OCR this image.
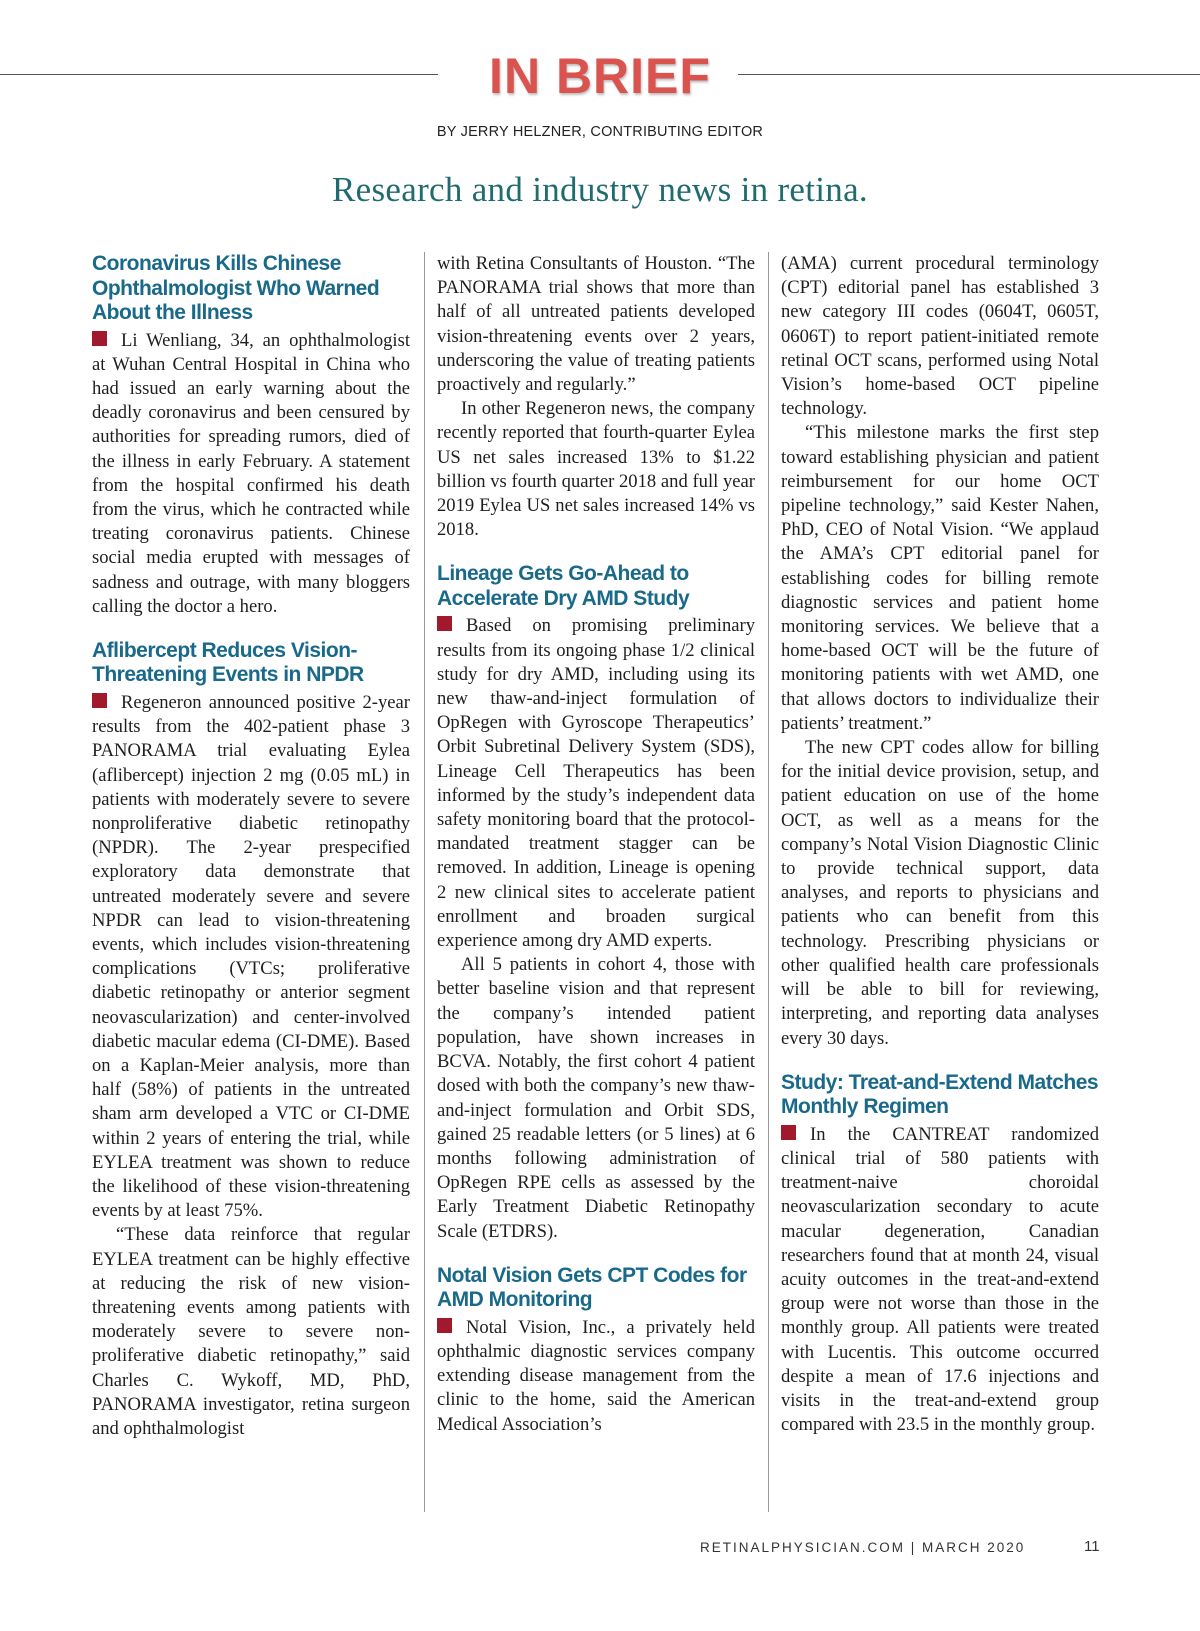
IN BRIEF
BY JERRY HELZNER, CONTRIBUTING EDITOR
Research and industry news in retina.
Coronavirus Kills Chinese Ophthalmologist Who Warned About the Illness

Li Wenliang, 34, an ophthalmologist at Wuhan Central Hospital in China who had issued an early warning about the deadly coronavirus and been censured by authorities for spreading rumors, died of the illness in early February. A statement from the hospital confirmed his death from the virus, which he contracted while treating coronavirus patients. Chinese social media erupted with messages of sadness and outrage, with many bloggers calling the doctor a hero.

Aflibercept Reduces Vision-Threatening Events in NPDR

Regeneron announced positive 2-year results from the 402-patient phase 3 PANORAMA trial evaluating Eylea (aflibercept) injection 2 mg (0.05 mL) in patients with moderately severe to severe nonproliferative diabetic retinopathy (NPDR). The 2-year prespecified exploratory data demonstrate that untreated moderately severe and severe NPDR can lead to vision-threatening events, which includes vision-threatening complications (VTCs; proliferative diabetic retinopathy or anterior segment neovascularization) and center-involved diabetic macular edema (CI-DME). Based on a Kaplan-Meier analysis, more than half (58%) of patients in the untreated sham arm developed a VTC or CI-DME within 2 years of entering the trial, while EYLEA treatment was shown to reduce the likelihood of these vision-threatening events by at least 75%.

“These data reinforce that regular EYLEA treatment can be highly effective at reducing the risk of new vision-threatening events among patients with moderately severe to severe non-proliferative diabetic retinopathy,” said Charles C. Wykoff, MD, PhD, PANORAMA investigator, retina surgeon and ophthalmologist

with Retina Consultants of Houston. “The PANORAMA trial shows that more than half of all untreated patients developed vision-threatening events over 2 years, underscoring the value of treating patients proactively and regularly.”

In other Regeneron news, the company recently reported that fourth-quarter Eylea US net sales increased 13% to $1.22 billion vs fourth quarter 2018 and full year 2019 Eylea US net sales increased 14% vs 2018.

Lineage Gets Go-Ahead to Accelerate Dry AMD Study

Based on promising preliminary results from its ongoing phase 1/2 clinical study for dry AMD, including using its new thaw-and-inject formulation of OpRegen with Gyroscope Therapeutics’ Orbit Subretinal Delivery System (SDS), Lineage Cell Therapeutics has been informed by the study’s independent data safety monitoring board that the protocol-mandated treatment stagger can be removed. In addition, Lineage is opening 2 new clinical sites to accelerate patient enrollment and broaden surgical experience among dry AMD experts.

All 5 patients in cohort 4, those with better baseline vision and that represent the company’s intended patient population, have shown increases in BCVA. Notably, the first cohort 4 patient dosed with both the company’s new thaw-and-inject formulation and Orbit SDS, gained 25 readable letters (or 5 lines) at 6 months following administration of OpRegen RPE cells as assessed by the Early Treatment Diabetic Retinopathy Scale (ETDRS).

Notal Vision Gets CPT Codes for AMD Monitoring

Notal Vision, Inc., a privately held ophthalmic diagnostic services company extending disease management from the clinic to the home, said the American Medical Association’s

(AMA) current procedural terminology (CPT) editorial panel has established 3 new category III codes (0604T, 0605T, 0606T) to report patient-initiated remote retinal OCT scans, performed using Notal Vision’s home-based OCT pipeline technology.

“This milestone marks the first step toward establishing physician and patient reimbursement for our home OCT pipeline technology,” said Kester Nahen, PhD, CEO of Notal Vision. “We applaud the AMA’s CPT editorial panel for establishing codes for billing remote diagnostic services and patient home monitoring services. We believe that a home-based OCT will be the future of monitoring patients with wet AMD, one that allows doctors to individualize their patients’ treatment.”

The new CPT codes allow for billing for the initial device provision, setup, and patient education on use of the home OCT, as well as a means for the company’s Notal Vision Diagnostic Clinic to provide technical support, data analyses, and reports to physicians and patients who can benefit from this technology. Prescribing physicians or other qualified health care professionals will be able to bill for reviewing, interpreting, and reporting data analyses every 30 days.

Study: Treat-and-Extend Matches Monthly Regimen

In the CANTREAT randomized clinical trial of 580 patients with treatment-naive choroidal neovascularization secondary to acute macular degeneration, Canadian researchers found that at month 24, visual acuity outcomes in the treat-and-extend group were not worse than those in the monthly group. All patients were treated with Lucentis. This outcome occurred despite a mean of 17.6 injections and visits in the treat-and-extend group compared with 23.5 in the monthly group.

RETINALPHYSICIAN.COM | MARCH 2020	11
